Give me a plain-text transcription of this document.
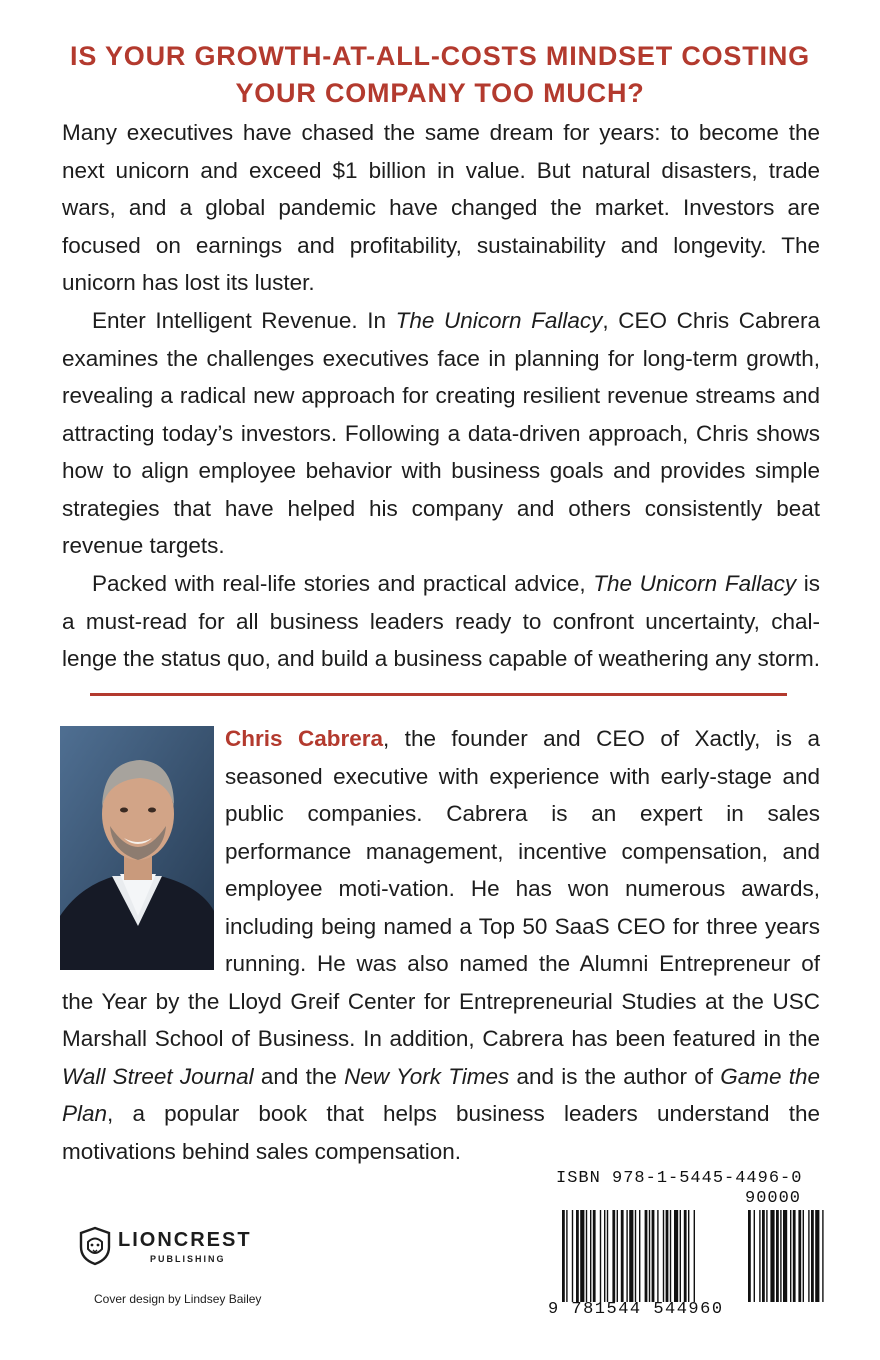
IS YOUR GROWTH-AT-ALL-COSTS MINDSET COSTING
YOUR COMPANY TOO MUCH?

Many executives have chased the same dream for years: to become the next unicorn and exceed $1 billion in value. But natural disasters, trade wars, and a global pandemic have changed the market. Investors are focused on earnings and profitability, sustainability and longevity. The unicorn has lost its luster.

Enter Intelligent Revenue. In The Unicorn Fallacy, CEO Chris Cabrera examines the challenges executives face in planning for long-term growth, revealing a radical new approach for creating resilient revenue streams and attracting today’s investors. Following a data-driven approach, Chris shows how to align employee behavior with business goals and provides simple strategies that have helped his company and others consistently beat revenue targets.

Packed with real-life stories and practical advice, The Unicorn Fallacy is a must-read for all business leaders ready to confront uncertainty, chal-lenge the status quo, and build a business capable of weathering any storm.

Chris Cabrera, the founder and CEO of Xactly, is a seasoned executive with experience with early-stage and public companies. Cabrera is an expert in sales performance management, incentive compensation, and employee moti-vation. He has won numerous awards, including being named a Top 50 SaaS CEO for three years running. He was also named the Alumni Entrepreneur of the Year by the Lloyd Greif Center for Entrepreneurial Studies at the USC Marshall School of Business. In addition, Cabrera has been featured in the Wall Street Journal and the New York Times and is the author of Game the Plan, a popular book that helps business leaders understand the motivations behind sales compensation.

LIONCREST
PUBLISHING
Cover design by Lindsey Bailey
ISBN 978-1-5445-4496-0
90000
9 781544 544960
